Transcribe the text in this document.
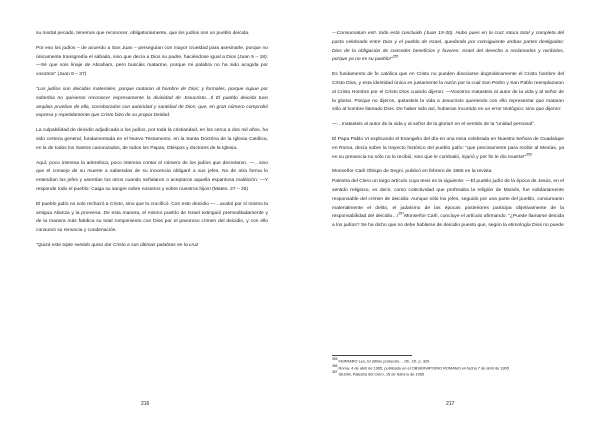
su mortal pecado, tenemos que reconocer, obligatoriamente, que los judíos son un pueblo deicida.

Por eso los judíos – de acuerdo a San Juan – perseguían con mayor crueldad para asesinarle, porque no únicamente transgredía el sábado, sino que decía a Dios su padre, haciéndose igual a Dios (Juan 5 – 18): —Sé que sois linaje de Abraham, pero buscáis matarme, porque mi palabra no ha sido acogida por vosotros” (Juan 8 – 37)

“Los judíos son deicidas materiales, porque mataron al hombre de Dios; y formales, porque supue por soberbia no quisieron reconocer expresamente la divinidad de Jesucristo…Il El pueblo deicida tuvo amplias pruebas de ella, corroboradas con autoridad y santidad de Dios; que, en gran número comprobó expresa y repetidamente que Cristo hizo de su propia Deidad.

La culpabilidad de deicidio adjudicada a los judíos, por toda la cristiandad, en los cerca a dos mil años, ha sido certeza general, fundamentada en el Nuevo Testamento, en la Santa Doctrina de la Iglesia Católica, en la de todos los Santos canonizados, de todos los Papas, Obispos y doctores de la Iglesia.

Aquí, poco interesa la aritmética, poco interesa contar el número de los judíos que decretaron, —…sino que el consejo de su muerte a sabiendas de su inocencia obligaré a sus jefes. No de otra forma lo entendían los jefes y asentían los otros cuando señalaron o aceptaron aquella espantosa maldición: —Y responde todo el pueblo: Caiga su sangre sobre nosotros y sobre nuestros hijos! (Mateo. 27 – 25)

El pueblo judío no solo rechazó a Cristo, sino que lo crucificó. Con este deicidio —…acabó por sí mismo la antigua Alianza y la promesa. De esta manera, el mismo pueblo de Israel extinguió premeditadamente y de la manera más fatídica su total rompimiento con Dios por el pavoroso crimen del deicidio, y con ello consumó su renuncia y condenación.

“Quizá este triple sentido quiso dar Cristo a sus últimas palabras en la cruz

216

—Consumatum est!. todo está concluido (Juan 19-30). Hubo pues en la cruz rotura total y completa del pacto celebrado entre Dios y el pueblo de Israel, quedando por consiguiente ambas partes desligadas: Dios de la obligación de conceder beneficios y favores: Israel del derecho a reclamarlos y recibirlos, porque ya no es su pueblo!”$^{355}$

Es fundamento de fe católica que en Cristo no pueden disociarse dogmáticamente el Cristo hombre del Cristo Dios, y esta identidad única es justamente la razón por la cual San Pedro y San Pablo reemplazaron al Cristo Hombre por el Cristo Dios cuando dijeron: —Vosotros matasteis al autor de la vida y al señor de la gloria!. Porque no dijeron, quitasteis la vida a Jesucristo queriendo con ello representar que mataron sólo al hombre llamado Dios. De haber sido así, hubieran incurrido en un error teológico; sino que dijeron:

—…matasteis al autor de la vida y al señor de la gloria!! en el sentido de la “unidad personal”.

El Papa Pablo VI explicando el Evangelio del día en una misa celebrada en Nuestra Señora de Guadalupe en Roma, decía sobre la trayecto histórico del pueblo judío: “que precisamente para recibir al Mesías, ya en su presencia no sólo no lo recibió, sino que le combatió, injurió y por fin le dio muerte!”$^{356}$

Monseñor Carli Obispo de Segni, publicó en febrero de 1965 en la revista

Palestra del Clero un largo artículo cuya tesis es la siguiente: —El pueblo judío de la época de Jesús, en el sentido religioso, es decir, como colectividad que profesaba la religión de Moisés, fue solidariamente responsable del crimen de deicidio. Aunque sólo los jefes, seguido por una parte del pueblo, consumaron materialmente el delito, el judaísmo de las épocas posteriores participa objetivamente de la responsabilidad del deicidio…!$^{357}$Monseñor Carli, concluye el artículo afirmando: “¿Puede llamarse deicida a los judíos? Se ha dicho que no debe hablarse de deicidio puesto que, según la etimología Dios no puede

$^{355}$ FERRARO Leo, El último protocolo… Ob. Cit. p. 329

$^{356}$ Roma, 4 de abril de 1965, publicado en el OBSERVATORIO ROMANO en fecha 7 de abril de 1965

$^{357}$ SEGNI, Palestra del Clero, 15 de febrero de 1965

217
